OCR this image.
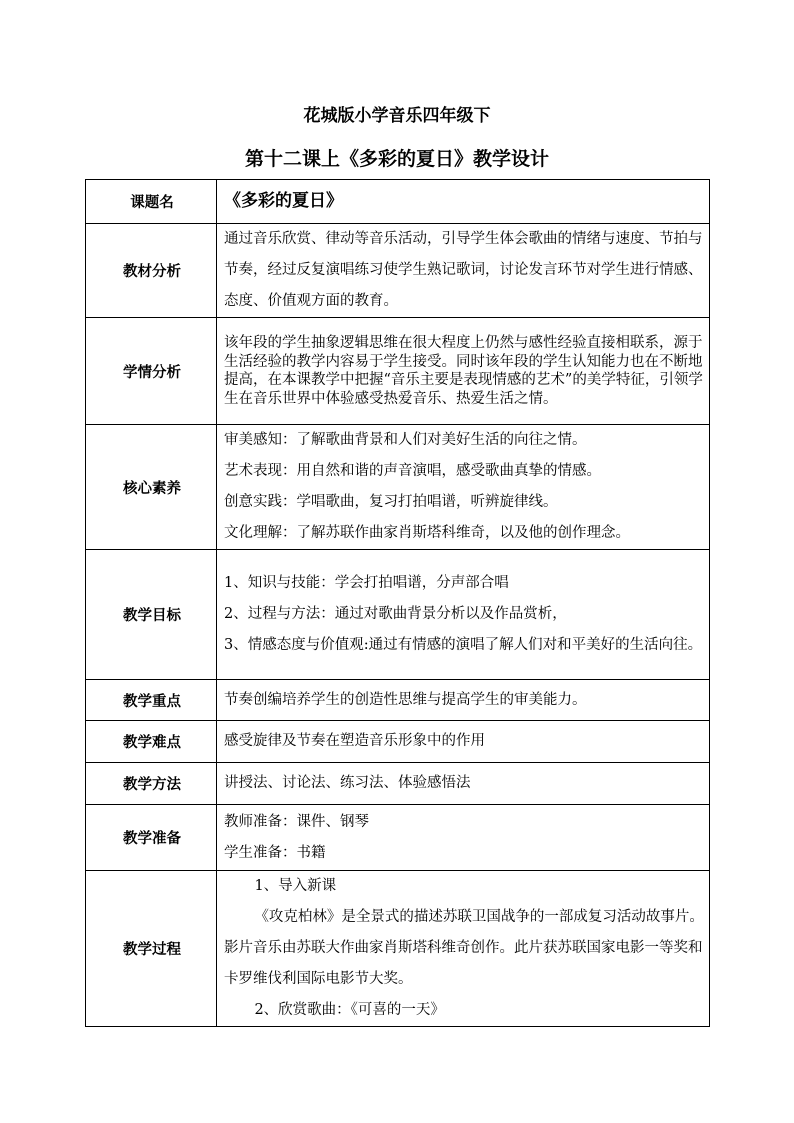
花城版小学音乐四年级下
第十二课上《多彩的夏日》教学设计
课题名	《多彩的夏日》
教材分析	通过音乐欣赏、律动等音乐活动，引导学生体会歌曲的情绪与速度、节拍与节奏，经过反复演唱练习使学生熟记歌词，讨论发言环节对学生进行情感、态度、价值观方面的教育。
学情分析	该年段的学生抽象逻辑思维在很大程度上仍然与感性经验直接相联系，源于生活经验的教学内容易于学生接受。同时该年段的学生认知能力也在不断地提高，在本课教学中把握“音乐主要是表现情感的艺术”的美学特征，引领学生在音乐世界中体验感受热爱音乐、热爱生活之情。
核心素养	审美感知：了解歌曲背景和人们对美好生活的向往之情。
艺术表现：用自然和谐的声音演唱，感受歌曲真挚的情感。
创意实践：学唱歌曲，复习打拍唱谱，听辨旋律线。
文化理解：了解苏联作曲家肖斯塔科维奇，以及他的创作理念。

教学目标	1、知识与技能：学会打拍唱谱，分声部合唱
2、过程与方法：通过对歌曲背景分析以及作品赏析，
3、情感态度与价值观:通过有情感的演唱了解人们对和平美好的生活向往。

教学重点	节奏创编培养学生的创造性思维与提高学生的审美能力。
教学难点	感受旋律及节奏在塑造音乐形象中的作用
教学方法	讲授法、讨论法、练习法、体验感悟法
教学准备	教师准备：课件、钢琴
学生准备：书籍

教学过程	1、导入新课
《攻克柏林》是全景式的描述苏联卫国战争的一部成复习活动故事片。影片音乐由苏联大作曲家肖斯塔科维奇创作。此片获苏联国家电影一等奖和卡罗维伐利国际电影节大奖。
2、欣赏歌曲：《可喜的一天》
